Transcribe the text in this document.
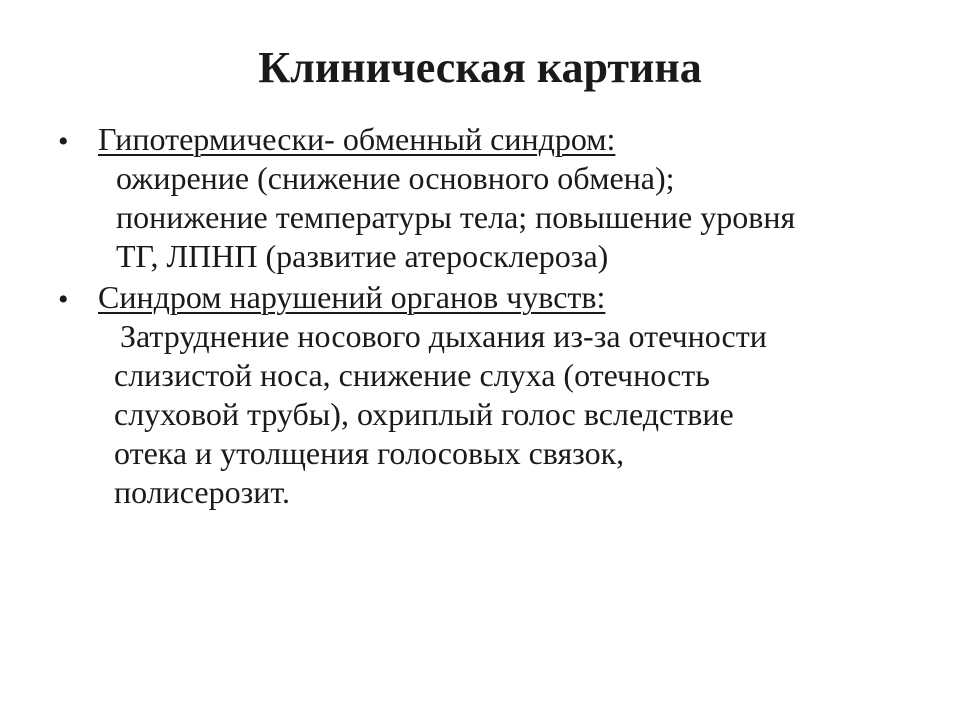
Клиническая картина
• Гипотермически- обменный синдром:
ожирение (снижение основного обмена);
понижение температуры тела; повышение уровня
ТГ, ЛПНП (развитие атеросклероза)
• Синдром нарушений органов чувств:
Затруднение носового дыхания из-за отечности
слизистой носа, снижение слуха (отечность
слуховой трубы), охриплый голос вследствие
отека и утолщения голосовых связок,
полисерозит.
